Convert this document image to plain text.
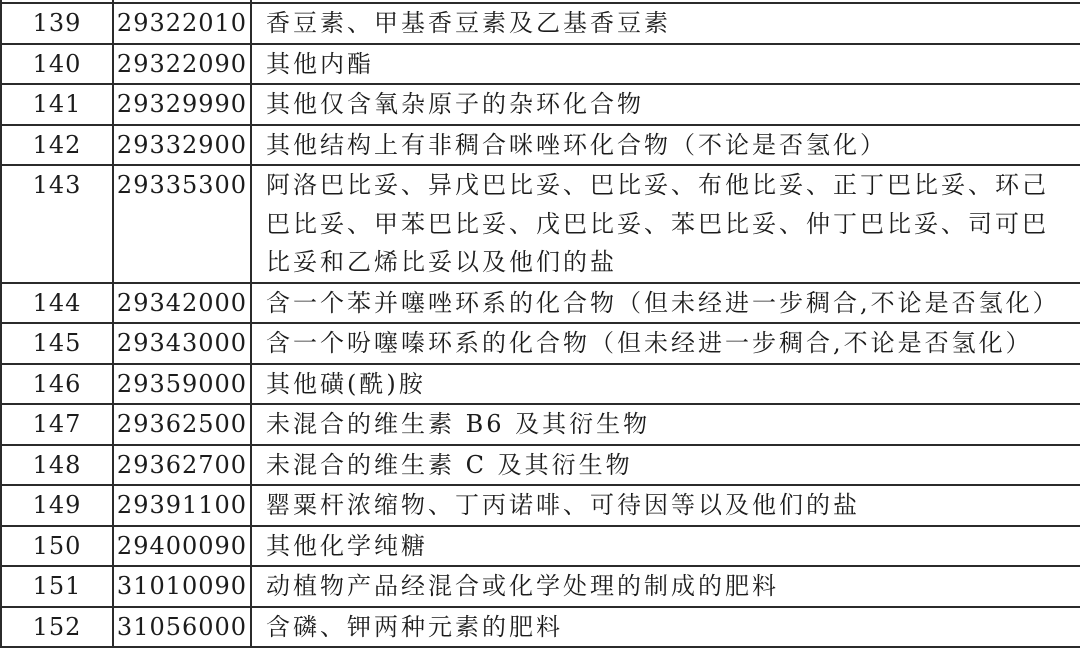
139	29322010	香豆素、甲基香豆素及乙基香豆素
140	29322090	其他内酯
141	29329990	其他仅含氧杂原子的杂环化合物
142	29332900	其他结构上有非稠合咪唑环化合物（不论是否氢化）
143	29335300	阿洛巴比妥、异戊巴比妥、巴比妥、布他比妥、正丁巴比妥、环己巴比妥、甲苯巴比妥、戊巴比妥、苯巴比妥、仲丁巴比妥、司可巴比妥和乙烯比妥以及他们的盐
144	29342000	含一个苯并噻唑环系的化合物（但未经进一步稠合,不论是否氢化）
145	29343000	含一个吩噻嗪环系的化合物（但未经进一步稠合,不论是否氢化）
146	29359000	其他磺(酰)胺
147	29362500	未混合的维生素 B6 及其衍生物
148	29362700	未混合的维生素 C 及其衍生物
149	29391100	罂粟杆浓缩物、丁丙诺啡、可待因等以及他们的盐
150	29400090	其他化学纯糖
151	31010090	动植物产品经混合或化学处理的制成的肥料
152	31056000	含磷、钾两种元素的肥料
